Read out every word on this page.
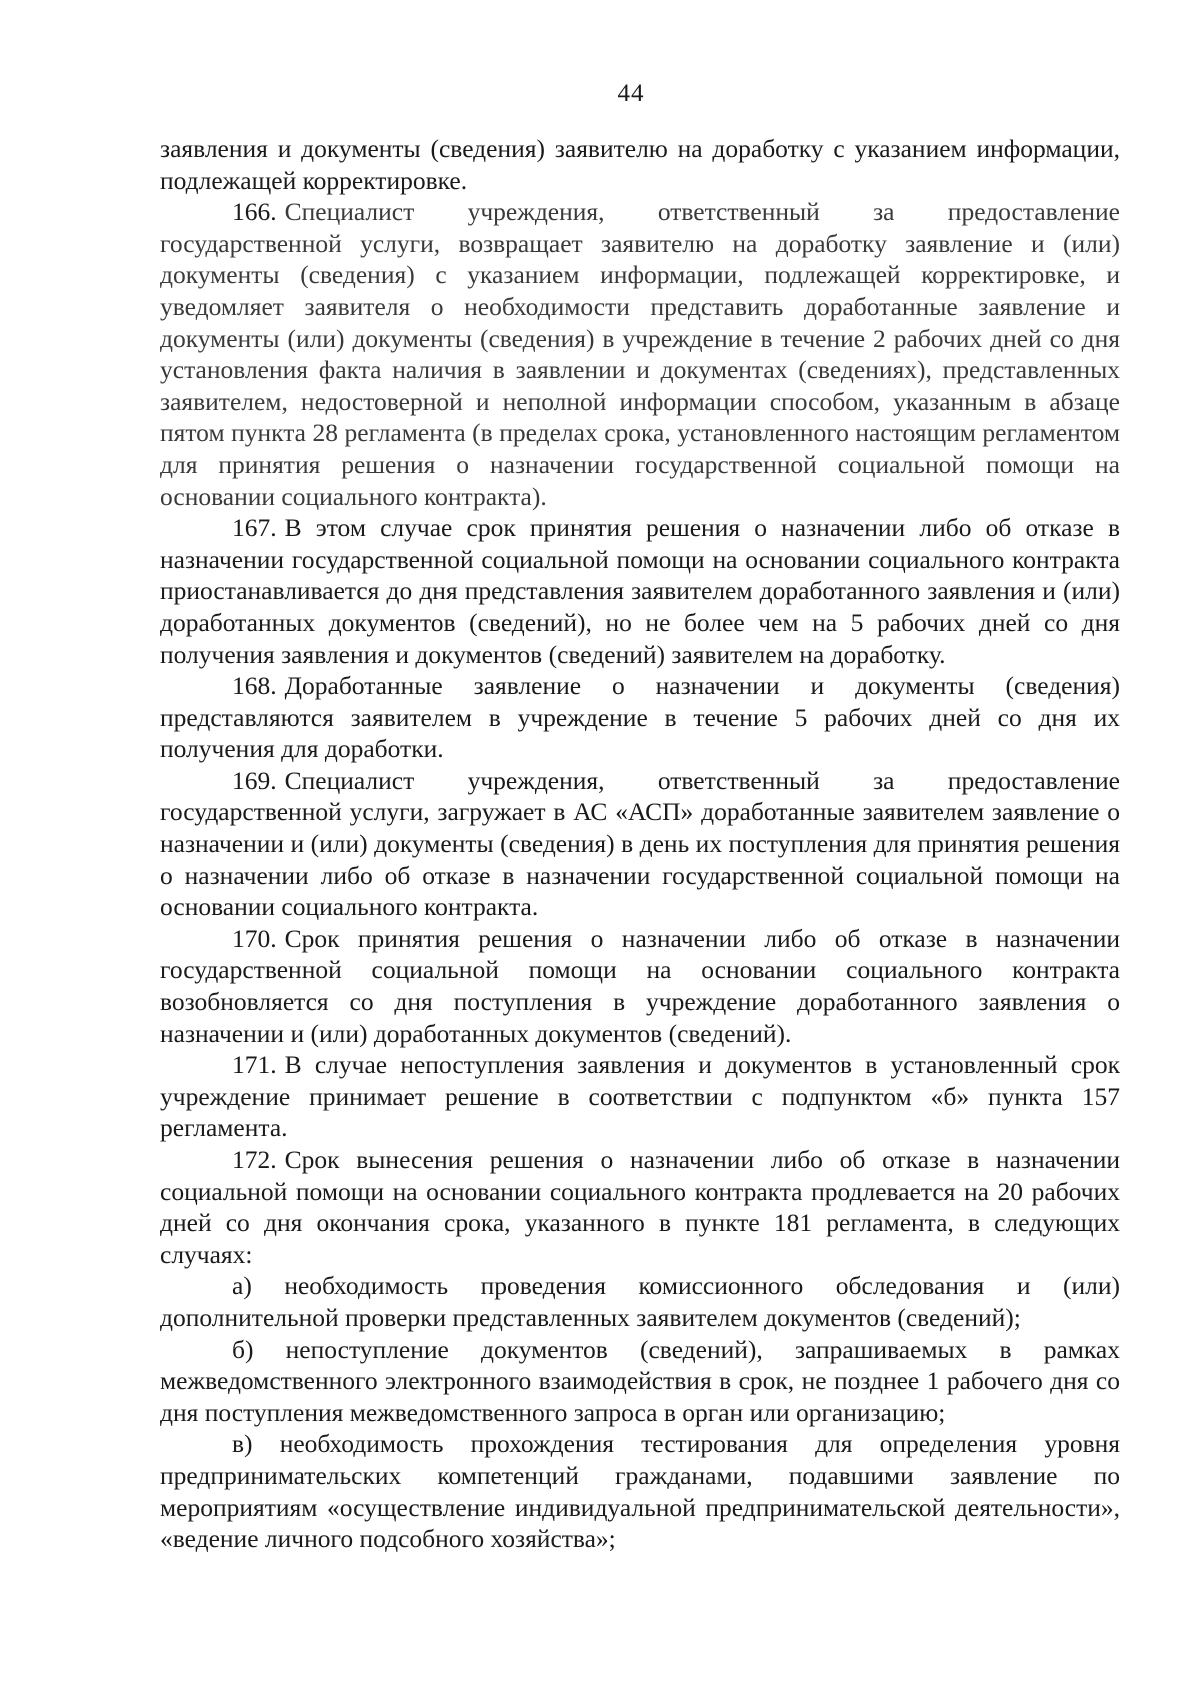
44

заявления и документы (сведения) заявителю на доработку с указанием информации, подлежащей корректировке.

166. Специалист учреждения, ответственный за предоставление государственной услуги, возвращает заявителю на доработку заявление и (или) документы (сведения) с указанием информации, подлежащей корректировке, и уведомляет заявителя о необходимости представить доработанные заявление и документы (или) документы (сведения) в учреждение в течение 2 рабочих дней со дня установления факта наличия в заявлении и документах (сведениях), представленных заявителем, недостоверной и неполной информации способом, указанным в абзаце пятом пункта 28 регламента (в пределах срока, установленного настоящим регламентом для принятия решения о назначении государственной социальной помощи на основании социального контракта).

167. В этом случае срок принятия решения о назначении либо об отказе в назначении государственной социальной помощи на основании социального контракта приостанавливается до дня представления заявителем доработанного заявления и (или) доработанных документов (сведений), но не более чем на 5 рабочих дней со дня получения заявления и документов (сведений) заявителем на доработку.

168. Доработанные заявление о назначении и документы (сведения) представляются заявителем в учреждение в течение 5 рабочих дней со дня их получения для доработки.

169. Специалист учреждения, ответственный за предоставление государственной услуги, загружает в АС «АСП» доработанные заявителем заявление о назначении и (или) документы (сведения) в день их поступления для принятия решения о назначении либо об отказе в назначении государственной социальной помощи на основании социального контракта.

170. Срок принятия решения о назначении либо об отказе в назначении государственной социальной помощи на основании социального контракта возобновляется со дня поступления в учреждение доработанного заявления о назначении и (или) доработанных документов (сведений).

171. В случае непоступления заявления и документов в установленный срок учреждение принимает решение в соответствии с подпунктом «б» пункта 157 регламента.

172. Срок вынесения решения о назначении либо об отказе в назначении социальной помощи на основании социального контракта продлевается на 20 рабочих дней со дня окончания срока, указанного в пункте 181 регламента, в следующих случаях:

а) необходимость проведения комиссионного обследования и (или) дополнительной проверки представленных заявителем документов (сведений);

б) непоступление документов (сведений), запрашиваемых в рамках межведомственного электронного взаимодействия в срок, не позднее 1 рабочего дня со дня поступления межведомственного запроса в орган или организацию;

в) необходимость прохождения тестирования для определения уровня предпринимательских компетенций гражданами, подавшими заявление по мероприятиям «осуществление индивидуальной предпринимательской деятельности», «ведение личного подсобного хозяйства»;
